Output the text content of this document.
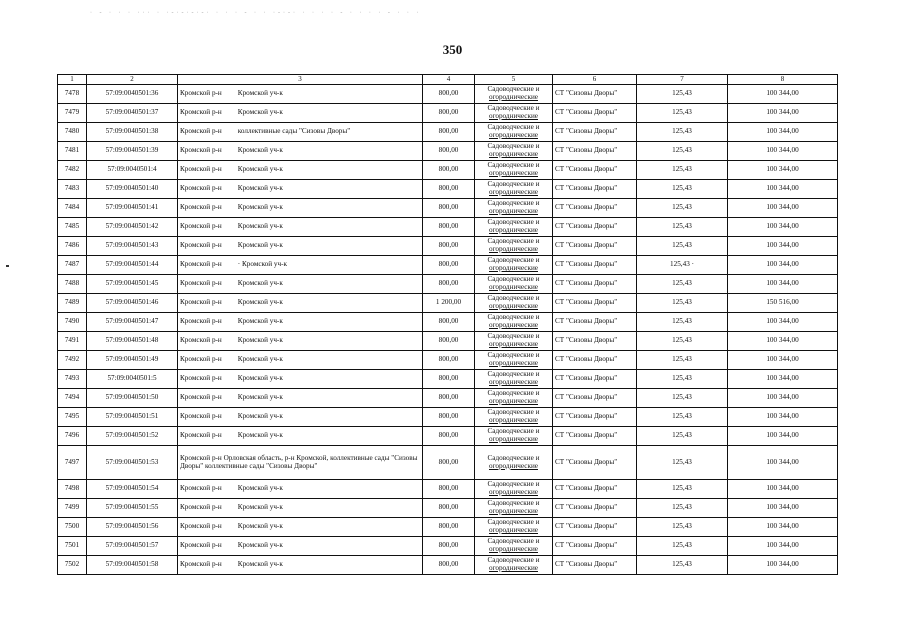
· - · · · ··· · ·-·-·-·-· · · · - · · ·-·-· · · · · - · · · · - · · ·
350
1	2	3	4	5	6	7	8
7478	57:09:0040501:36	Кромской р-н Кромской уч-к	800,00	Садоводческие и
огороднические	СТ "Сизовы Дворы"	125,43	100 344,00
7479	57:09:0040501:37	Кромской р-н Кромской уч-к	800,00	Садоводческие и
огороднические	СТ "Сизовы Дворы"	125,43	100 344,00
7480	57:09:0040501:38	Кромской р-н коллективные сады "Сизовы Дворы"	800,00	Садоводческие и
огороднические	СТ "Сизовы Дворы"	125,43	100 344,00
7481	57:09:0040501:39	Кромской р-н Кромской уч-к	800,00	Садоводческие и
огороднические	СТ "Сизовы Дворы"	125,43	100 344,00
7482	57:09:0040501:4	Кромской р-н Кромской уч-к	800,00	Садоводческие и
огороднические	СТ "Сизовы Дворы"	125,43	100 344,00
7483	57:09:0040501:40	Кромской р-н Кромской уч-к	800,00	Садоводческие и
огороднические	СТ "Сизовы Дворы"	125,43	100 344,00
7484	57:09:0040501:41	Кромской р-н Кромской уч-к	800,00	Садоводческие и
огороднические	СТ "Сизовы Дворы"	125,43	100 344,00
7485	57:09:0040501:42	Кромской р-н Кромской уч-к	800,00	Садоводческие и
огороднические	СТ "Сизовы Дворы"	125,43	100 344,00
7486	57:09:0040501:43	Кромской р-н Кромской уч-к	800,00	Садоводческие и
огороднические	СТ "Сизовы Дворы"	125,43	100 344,00
7487	57:09:0040501:44	Кромской р-н · Кромской уч-к	800,00	Садоводческие и
огороднические	СТ "Сизовы Дворы"	125,43 ·	100 344,00
7488	57:09:0040501:45	Кромской р-н Кромской уч-к	800,00	Садоводческие и
огороднические	СТ "Сизовы Дворы"	125,43	100 344,00
7489	57:09:0040501:46	Кромской р-н Кромской уч-к	1 200,00	Садоводческие и
огороднические	СТ "Сизовы Дворы"	125,43	150 516,00
7490	57:09:0040501:47	Кромской р-н Кромской уч-к	800,00	Садоводческие и
огороднические	СТ "Сизовы Дворы"	125,43	100 344,00
7491	57:09:0040501:48	Кромской р-н Кромской уч-к	800,00	Садоводческие и
огороднические	СТ "Сизовы Дворы"	125,43	100 344,00
7492	57:09:0040501:49	Кромской р-н Кромской уч-к	800,00	Садоводческие и
огороднические	СТ "Сизовы Дворы"	125,43	100 344,00
7493	57:09:0040501:5	Кромской р-н Кромской уч-к	800,00	Садоводческие и
огороднические	СТ "Сизовы Дворы"	125,43	100 344,00
7494	57:09:0040501:50	Кромской р-н Кромской уч-к	800,00	Садоводческие и
огороднические	СТ "Сизовы Дворы"	125,43	100 344,00
7495	57:09:0040501:51	Кромской р-н Кромской уч-к	800,00	Садоводческие и
огороднические	СТ "Сизовы Дворы"	125,43	100 344,00
7496	57:09:0040501:52	Кромской р-н Кромской уч-к	800,00	Садоводческие и
огороднические	СТ "Сизовы Дворы"	125,43	100 344,00
7497	57:09:0040501:53	Кромской р-н Орловская область, р-н Кромской, коллективные сады "Сизовы Дворы" коллективные сады "Сизовы Дворы"	800,00	Садоводческие и
огороднические	СТ "Сизовы Дворы"	125,43	100 344,00
7498	57:09:0040501:54	Кромской р-н Кромской уч-к	800,00	Садоводческие и
огороднические	СТ "Сизовы Дворы"	125,43	100 344,00
7499	57:09:0040501:55	Кромской р-н Кромской уч-к	800,00	Садоводческие и
огороднические	СТ "Сизовы Дворы"	125,43	100 344,00
7500	57:09:0040501:56	Кромской р-н Кромской уч-к	800,00	Садоводческие и
огороднические	СТ "Сизовы Дворы"	125,43	100 344,00
7501	57:09:0040501:57	Кромской р-н Кромской уч-к	800,00	Садоводческие и
огороднические	СТ "Сизовы Дворы"	125,43	100 344,00
7502	57:09:0040501:58	Кромской р-н Кромской уч-к	800,00	Садоводческие и
огороднические	СТ "Сизовы Дворы"	125,43	100 344,00
